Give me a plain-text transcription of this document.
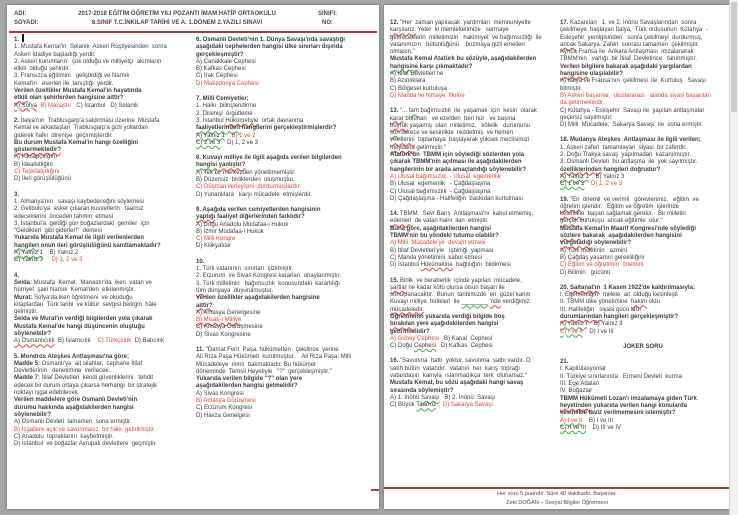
ADI:
SOYADI:
2017-2018 EĞİTİM ÖĞRETİM YILI POZANTI İMAM HATİP ORTAOKULU
8.SINIF T.C.İNKILAP TARİHİ VE A. 1.DÖNEM 2.YAZILI SINAVI
SINIFI:
NO:
1.
1. Mustafa Kemal'in  Selanik  Askeri Rüştiyesinden  sonra
Askeri İdadiye başladığı yerdir.
2. Askeri kurumların   çok olduğu ve milliyetçi  akımların
etkili  olduğu şehirdir.
3. Fransızca eğitimini   geliştirdiği ve Namık
Kemal'in   eserleri ile  tanıştığı  yerdir.
Verilen özellikler Mustafa Kemal'in hayatında
etkili olan şehirlerden hangisine aittir?
A) Sofya B) Manastır   C) İstanbul   D) Selanik
2. İtalya'nın  Trablusgarp'a saldırması üzerine  Mustafa
Kemal ve arkadaşları  Trablusgarp'a gizli yollardan
giderek halkı  direnişe  geçirmişlerdir.
Bu durum Mustafa Kemal'in hangi özelliğini
göstermektedir?
A) İnkılapçılığını
B) İdealistliğini
C) Teşkilatçılığını
D) İleri görüşlülüğünü
3.
1. Almanya'nın   savaşı kaybedeceğini söylemesi
2. Gelibolu'ya  asker çıkaran kuvvetlerin   taarruz
edeceklerini  önceden tahmin  etmesi
3. İstanbul'a  geldiği gün boğazlardaki  gemiler  için
"Geldikleri  gibi giderler!"  demesi
Yukarıda Mustafa Kemal ile ilgili verilenlerden
hangileri onun ileri görüşlülüğünü kanıtlamaktadır?
A) Yalnız 1    B) Yalnız 2
C) Yalnız 3     D) 1, 2 ve 3
4.
Selda: Mustafa  Kemal,  Manastır'da  iken  vatan ve
hürriyet  şairi Namık  Kemal'den  etkilenmiştir.
Murat: Sofya'da iken öğretmeni  ve okuduğu
kitaplardan  Türk tarihi  ve kültür  sevgisi belirgin  hâle
gelmiştir.
Selda ve Murat'ın verdiği bilgilerden yola çıkarak
Mustafa Kemal'de hangi düşüncenin oluştuğu
söylenebilir?
A) Osmanlıcılık  B) İslamcılık    C) Türkçülük  D) Batıcılık
5. Mondros Ateşkes Antlaşması'na göre;
Madde 5: Osmanlı'ya  ait silahlar,  cephane İtilaf
Devletlerinin   denetimine  verilecek.
Madde 7: İtilaf Devletleri  kendi güvenliklerini   tehdit
edecek bir durum ortaya çıkarsa herhangi  bir stratejik
noktayı işgal edebilecek.
Verilen maddelere göre Osmanlı Devleti'nin
durumu hakkında aşağıdakilerden hangisi
söylenebilir?
A) Osmanlı Devleti  tamamen  sona ermiştir.
B) İşgallere açık ve savunmasız  bir hâle  getirilmiştir.
C) Anadolu  topraklarını  kaybetmiştir.
D) İstanbul  ve boğazlar Avrupalı devletlere  geçmiştir.
6. Osmanlı Devleti'nin 1. Dünya Savaşı'nda savaştığı
aşağıdaki cephelerden hangisi ülke sınırları dışında
gerçekleşmiştir?
A) Çanakkale Cephesi
B) Kafkas Cephesi
C) Irak Cephesi
D) Makedonya Cephesi
7. Milli Cemiyetler;
1. Halkı  bilinçlendirme
2. Direnişi  örgütleme
3. İstanbul Hükümetiyle  ortak davranma
faaliyetlerinden hangilerini gerçekleştirmişlerdir?
A) Yalnız 1 B) 1 ve 2
C) 2 ve 3    D) 1, 2 ve 3
8. Kuvayı milliye ile ilgili aşağıda verilen bilgilerden
hangisi yanlıştır?
A) Tek bir merkezden yönetilmemiştir.
B) Düzensiz  birliklerden  oluşmuştur.
C) Düşman ilerleyişini  durdurmuşlardır.
D) Yunanlılara   karşı mücadele  etmişlerdir.
9. Aşağıda verilen cemiyetlerden hangisinin
yaptığı faaliyet diğerlerinden farklıdır?
A) Doğu Anadolu Müdafaa-i Hukuk
B) İzmir Müdafaa-i Hukuk
C) Milli Kongre
D) Kilikyalılar
10.
1. Türk vatanının  sınırları  çizilmiştir.
2. Erzurum  ve Sivas Kongresi kararları  onaylanmıştır.
3. Türk milletinin   bağımsızlık  konusundaki  kararlılığı
tüm dünyaya  duyurulmuştur.
Verilen özellikler aşağıdakilerden hangisine
aittir?
A) Amasya Genelgesine
B) Misak-ı Milliye
C) Amasya Görüşmesine
D) Sivas Kongresine
11. "Damat Ferit  Paşa, hükümetten   çekilince  yerine
Ali Rıza Paşa Hükümeti  kurulmuştur.    Ali Rıza Paşa, Milli
Mücadeleye  ılımlı  bakmaktadır. Bu hükümet
döneminde  Temsil Heyetiyle   "?"  gerçekleşmiştir."
Yukarıda verilen bilgide "?" olan yere
aşağıdakilerden hangisi gelmelidir?
A) Sivas Kongresi
B) Amasya Görüşmesi
C) Erzurum Kongresi
D) Havza Genelgesi
12. "Her  zaman yapılacak  yardımları  memnuniyetle
karşılarız. Yeter  ki memleketimize   sermaye
getireceklerin  milletimizin   hakimiyet  ve bağımsızlığı  ile
vatanımızın   bütünlüğünü    bozmaya gizli emelleri
olmasın."
Mustafa Kemal Atatürk bu sözüyle, aşağıdakilerden
hangisine karşı çıkmaktadır?
A) İtilaf Devletleri'ne
B) Azınlıklara
C) Bölgesel kurtuluşa
D) Manda ve himaye  fikrine
13. "... tam bağımsızlık  ile  yaşamak  için  kesin  olarak
karar bulunan   ve ezelden  beri hür   ve başına
buyruk yaşamış  olan  milletimiz,   kölelik   durumunu
son derece ve kesinlikle  reddetmiş  ve hemen
vekillerini  toplamaya  başlayarak yüksek meclisimizi
meydana getirmiştir."
Atatürk'ün  TBMM için söylediği sözlerden yola
çıkarak TBMM'nin açılması ile aşağıdakilerden
hangilerinin bir arada amaçlandığı söylenebilir?
A) Ulusal bağımsızlık  - Ulusal  egemenlik
B) Ulusal  egemenlik   - Çağdaşlaşma
C) Ulusal bağımsızlık  - Çağdaşlaşma
D) Çağdaşlaşma - Halifeliğin  baskıdan kurtulması
14. TBMM,  Sevr Barış  Antlaşması'nı  kabul etmemiş,
edenleri  de vatan haini  ilan  etmiştir.
Buna göre, aşağıdakilerden hangisi
TBMM'nin bu yöndeki tutumu olabilir?
A) Milli  Mücadele'ye  devam etmesi
B) İtilaf Devletleri'yle   işbirliği  yapması
C) Manda yönetimini  kabul etmesi
D) İstanbul Hükümetine  bağlılığını  bildirmesi
15. Birlik  ve beraberlik  içinde yapılan  mücadele,
şartlar ne kadar kötü olursa olsun başarı ile
sonuçlanacaktır.  Bunun  tarihimizde  en  güzel kanıtı
Kuvayı milliye  birlikleri  ile ________ 'nde verdiğimiz
mücadeledir.
Öğretmenin yukarıda verdiği bilgide boş
bırakılan yere aşağıdakilerden hangisi
getirilmelidir?
A) Güney Cephesi   B) Kanal  Cephesi
C) Doğu Cephesi   D) Kafkas  Cephesi
16. "Savunma  hattı  yoktur, savunma  sathı vardır. O
satıh bütün  vatandır.  Vatanın  her  karış  toprağı
vatandaşın  kanıyla  ıslanmadıkça  terk  olunamaz."
Mustafa Kemal, bu sözü aşağıdaki hangi savaş
sırasında söylemiştir?
A) 1. İnönü Savaşı   B) 2. İnönü  Savaşı
C) Büyük Taarruz D) Sakarya Savaşı
17. Kazanılan   1. ve 2. İnönü Savaşlarından  sonra
çekilmeye  başlayan İtalya,  Türk ordusunun  Kütahya  -
Eskişehir  yenilgisinden   sonra çekilmeyi  durdurmuş,
ancak Sakarya  Zaferi  sonrası tamamen  çekilmiştir.
Ayrıca Fransa ile  Ankara Antlaşması  imzalanarak
TBMM'nin   varlığı  bir İtilaf  Devletince   tanınmıştır.
Verilen bilgilere bakarak aşağıdaki yargılardan
hangisine ulaşılabilir?
A) İtalya ve Fransa'nın  çekilmesi  ile  Kurtuluş   Savaşı
bitmiştir.
B) Askeri başarılar,  uluslararası   alanda siyasi başarıları
da getirmektedir.
C) Kütahya - Eskişehir  Savaşı ile  yapılan antlaşmalar
geçersiz sayılmıştır.
D) Milli  Mücadele,  Sakarya Savaşı  ile  sona ermiştir.
18. Mudanya Ateşkes  Antlaşması ile ilgili verilen;
1. Askeri zaferi  tamamlayan  siyasi  bir zaferdir.
2. Doğu Trakya savaş  yapılmadan  kazanılmıştır.
3. Osmanlı Devleti  bu antlaşma  ile  yok sayılmıştır.
özelliklerinden hangileri doğrudur?
A) Yalnız 1    B) Yalnız 3
C) 1 ve 2 D) 1, 2 ve 3
19. "En  önemli  ve verimli   görevlerimiz,   eğitim  ve
öğretim işleridir.   Eğitim ve öğretim  işlerinde
kesinlikle  başarı sağlamak gerekir.   Bir milletin
gerçek kurtuluşu  ancak eğitimle  olur."
Mustafa Kemal'in Maarif Kongresi'nde söylediği
sözlere bakarak  aşağıdakilerden hangisini
vurguladığı söylenebilir?
A) Türk milletinin   azmini
B) Çağdaş yaşamın gerekliliğini
C) Eğitim ve öğretimin  önemini
D) Bilimin   gücünü
20. Saltanat'ın  1 Kasım 1922'de kaldırılmasıyla;
I. Egemenliğin   millete  ait  olduğu kesinleşti
II. TBMM ülke yönetimine  hakim oldu
III. Halifeliğin   siyasi gücü arttı
durumlarından hangileri gerçekleşmiştir?
A) Yalnız I    B) Yalnız II
C) I ve II    D) I ve III
JOKER SORU
21.
I. Kapitülasyonlar
II. Türkiye sınırlarında   Ermeni Devleti  kurma
III. Ege Adaları
IV. Boğazlar
TBMM Hükümeti Lozan'ı imzalamaya giden Türk
heyetinden yukarıda verilen hangi konularda
kesinlikle taviz verilmemesini istemiştir?
A) I ve II    B) I ve III
C) II ve III    D) III ve IV
Her soru 5 puandır. Süre 40 dakikadır. Başarılar.
Zeki DOĞAN – Sosyal Bilgiler Öğretmeni
